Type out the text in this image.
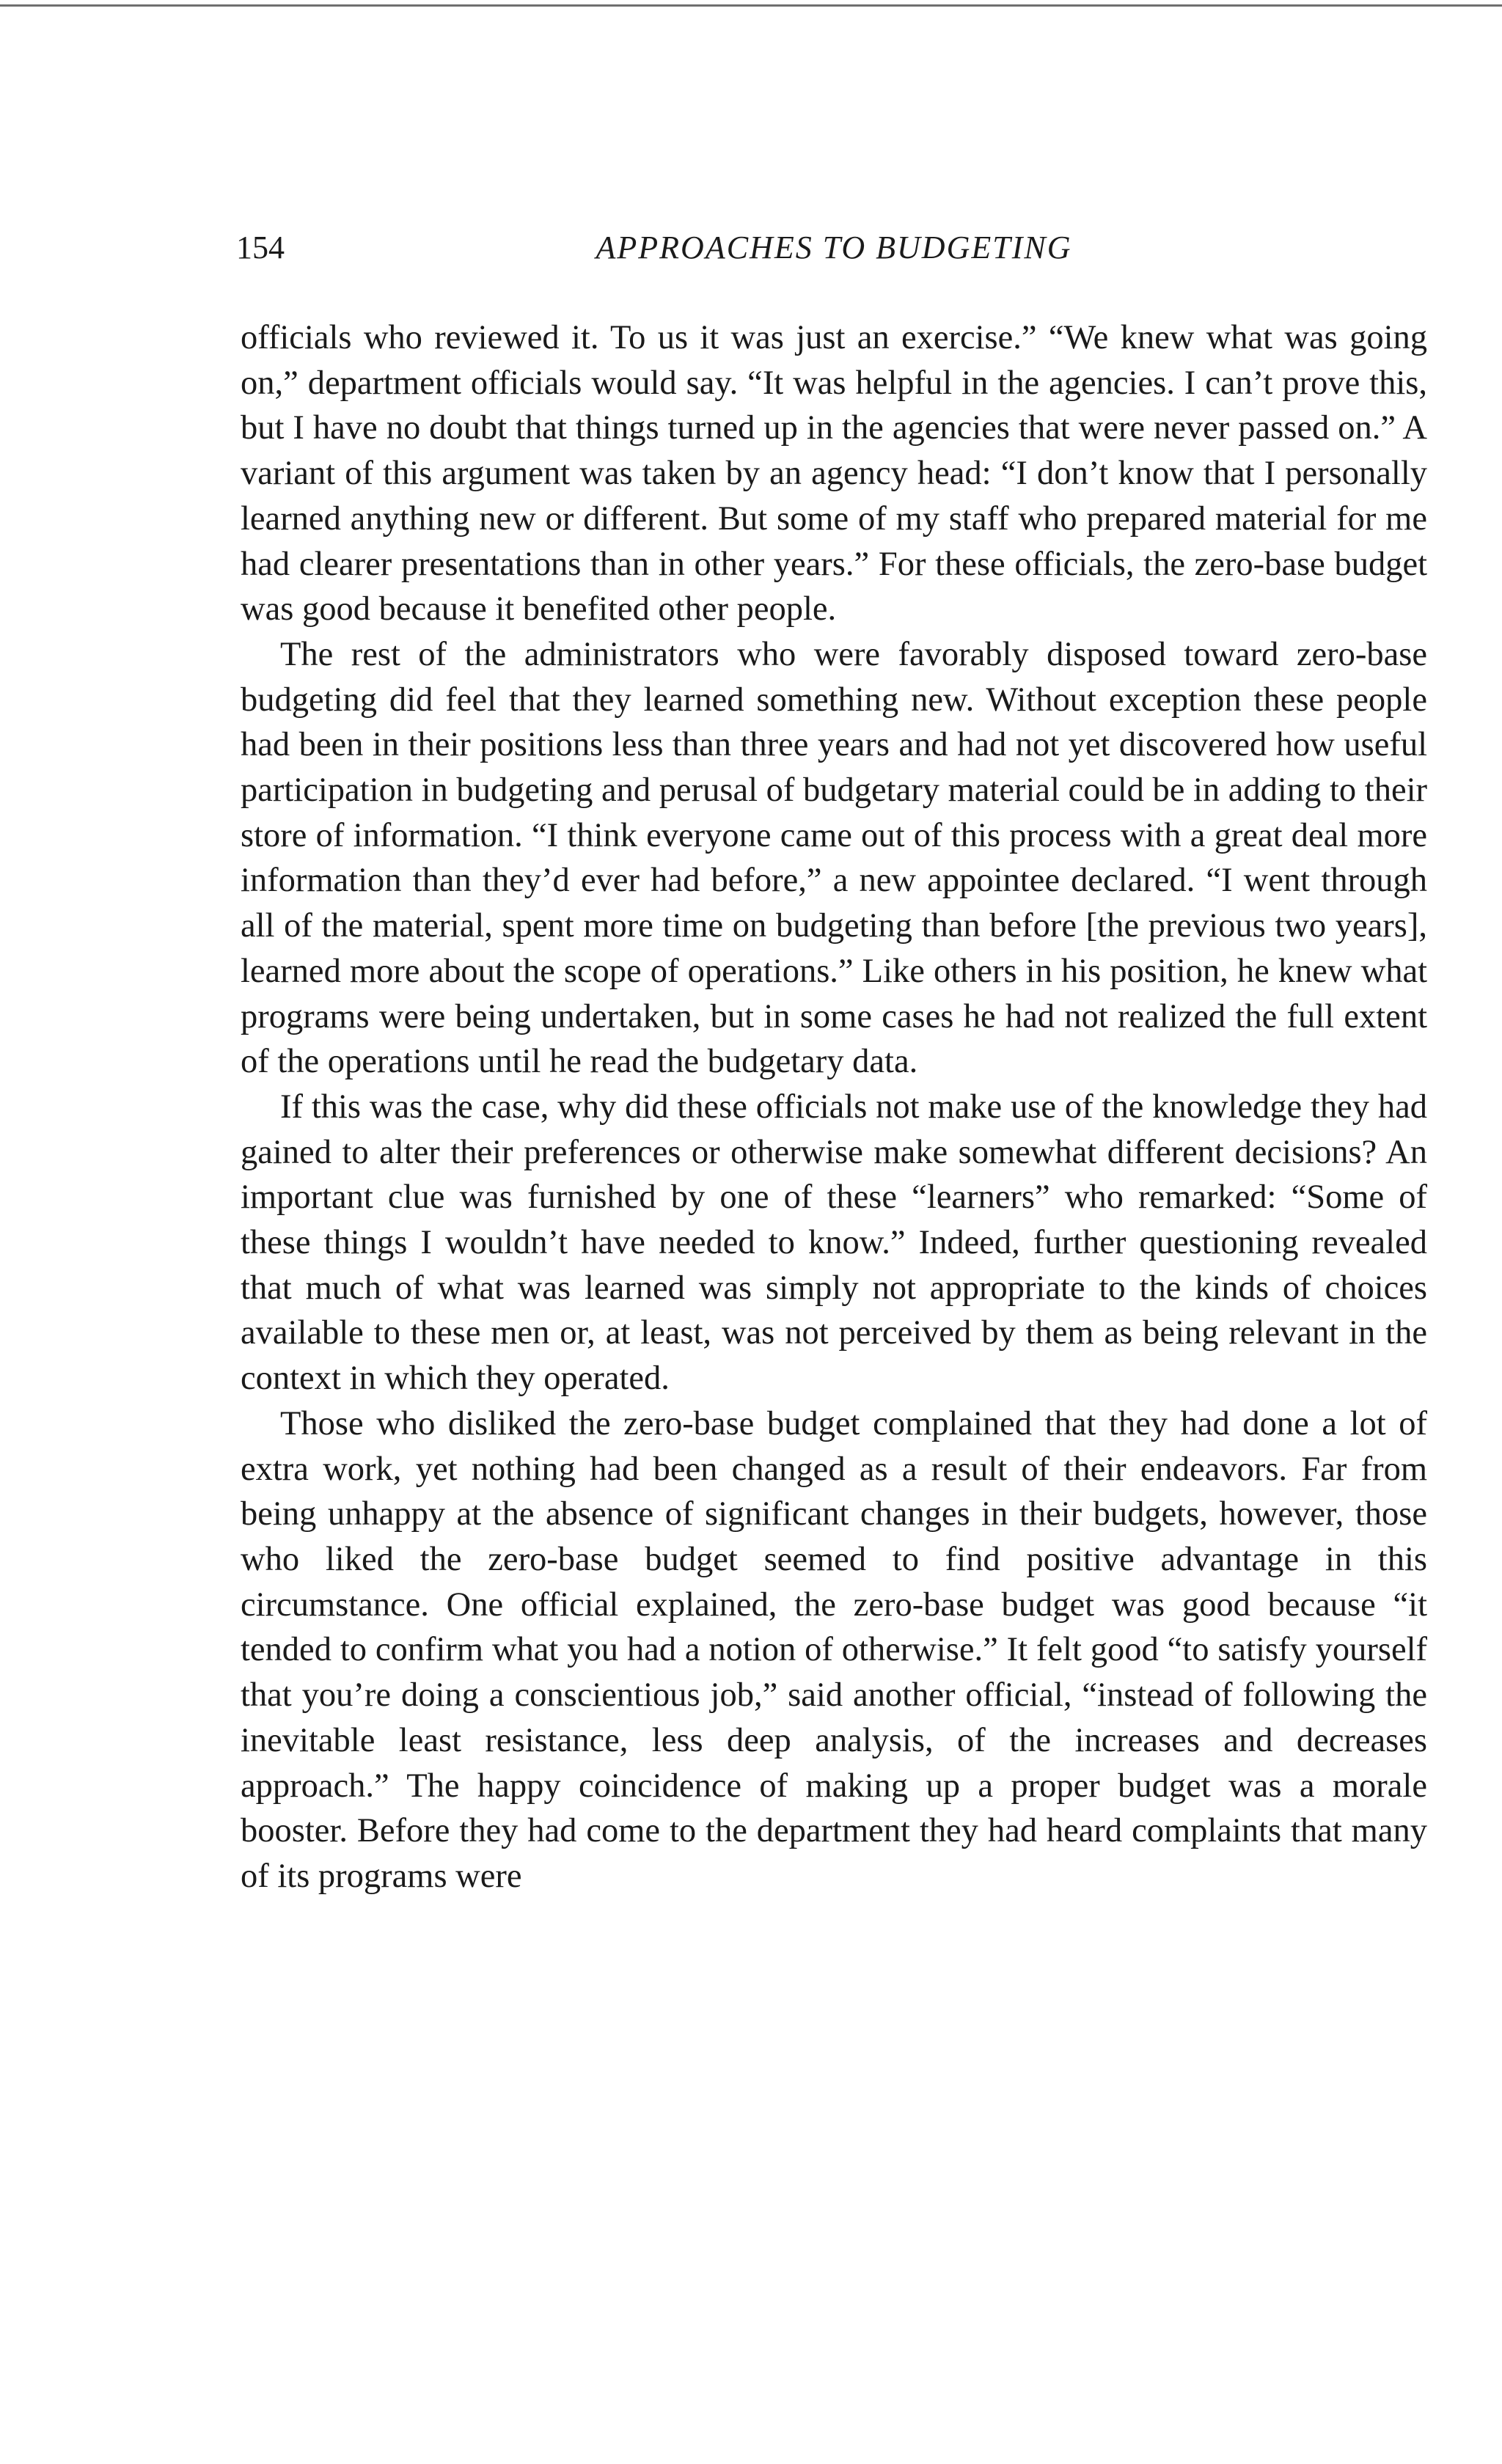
154	APPROACHES TO BUDGETING

officials who reviewed it. To us it was just an exercise.” “We knew what was going on,” department officials would say. “It was helpful in the agencies. I can’t prove this, but I have no doubt that things turned up in the agencies that were never passed on.” A variant of this argument was taken by an agency head: “I don’t know that I personally learned anything new or different. But some of my staff who prepared material for me had clearer presentations than in other years.” For these officials, the zero-base budget was good because it benefited other people.

The rest of the administrators who were favorably disposed toward zero-base budgeting did feel that they learned something new. Without exception these people had been in their positions less than three years and had not yet discovered how useful participation in budgeting and perusal of budgetary material could be in adding to their store of information. “I think everyone came out of this process with a great deal more information than they’d ever had before,” a new appointee declared. “I went through all of the material, spent more time on budgeting than before [the previous two years], learned more about the scope of operations.” Like others in his position, he knew what programs were being undertaken, but in some cases he had not realized the full extent of the operations until he read the budgetary data.

If this was the case, why did these officials not make use of the knowledge they had gained to alter their preferences or otherwise make somewhat different decisions? An important clue was furnished by one of these “learners” who remarked: “Some of these things I wouldn’t have needed to know.” Indeed, further questioning revealed that much of what was learned was simply not appropriate to the kinds of choices available to these men or, at least, was not perceived by them as being relevant in the context in which they operated.

Those who disliked the zero-base budget complained that they had done a lot of extra work, yet nothing had been changed as a result of their endeavors. Far from being unhappy at the absence of significant changes in their budgets, however, those who liked the zero-base budget seemed to find positive advantage in this circumstance. One official explained, the zero-base budget was good because “it tended to confirm what you had a notion of otherwise.” It felt good “to satisfy yourself that you’re doing a conscientious job,” said another official, “instead of following the inevitable least resistance, less deep analysis, of the increases and decreases approach.” The happy coincidence of making up a proper budget was a morale booster. Before they had come to the department they had heard complaints that many of its programs were
